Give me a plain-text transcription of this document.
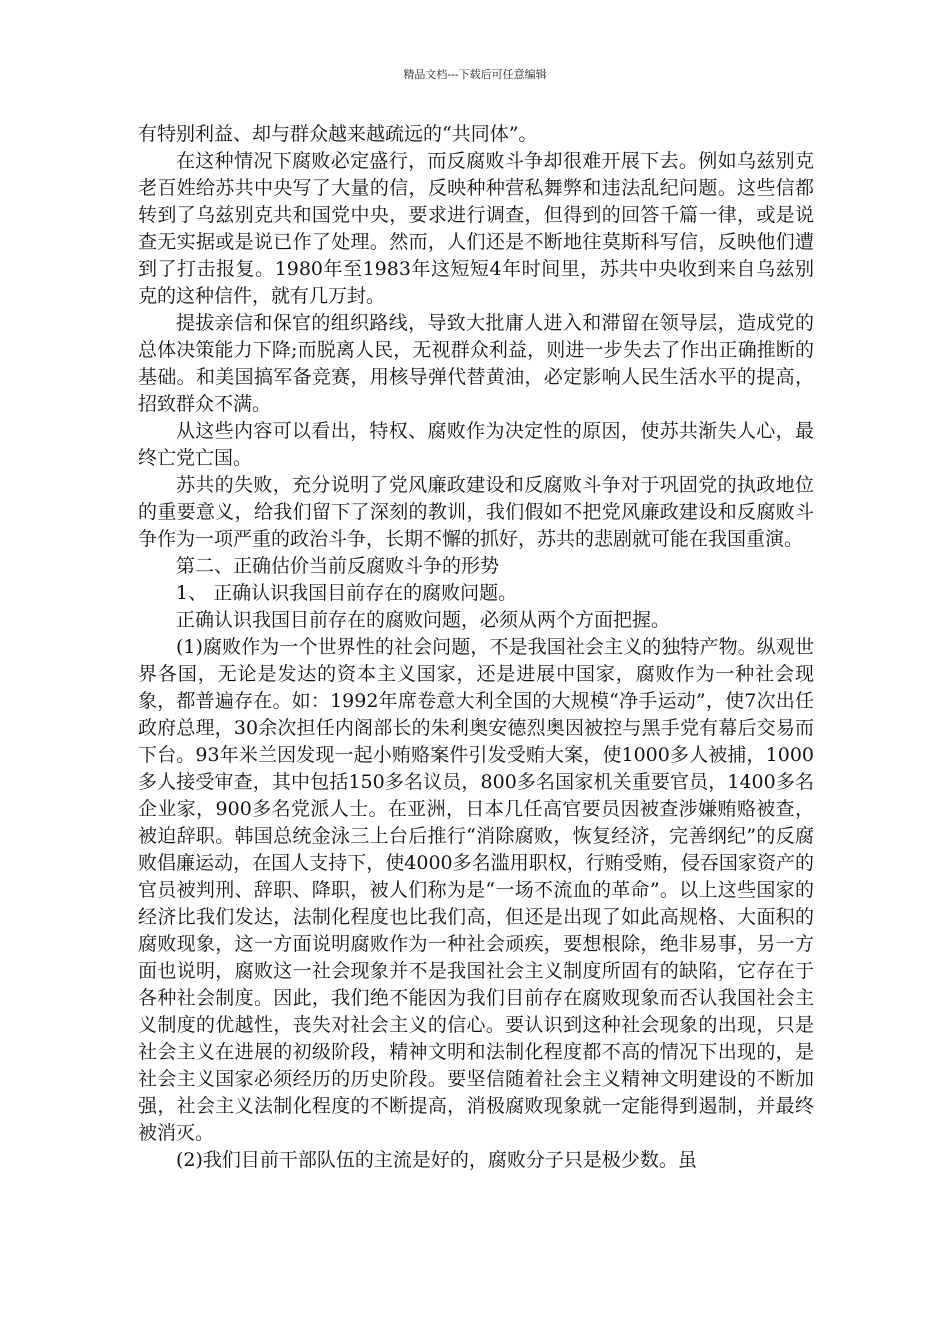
精品文档---下载后可任意编辑

有特别利益、却与群众越来越疏远的“共同体”。

在这种情况下腐败必定盛行，而反腐败斗争却很难开展下去。例如乌兹别克老百姓给苏共中央写了大量的信，反映种种营私舞弊和违法乱纪问题。这些信都转到了乌兹别克共和国党中央，要求进行调查，但得到的回答千篇一律，或是说查无实据或是说已作了处理。然而，人们还是不断地往莫斯科写信，反映他们遭到了打击报复。1980年至1983年这短短4年时间里，苏共中央收到来自乌兹别克的这种信件，就有几万封。

提拔亲信和保官的组织路线，导致大批庸人进入和滞留在领导层，造成党的总体决策能力下降;而脱离人民，无视群众利益，则进一步失去了作出正确推断的基础。和美国搞军备竞赛，用核导弹代替黄油，必定影响人民生活水平的提高，招致群众不满。

从这些内容可以看出，特权、腐败作为决定性的原因，使苏共渐失人心，最终亡党亡国。

苏共的失败，充分说明了党风廉政建设和反腐败斗争对于巩固党的执政地位的重要意义，给我们留下了深刻的教训，我们假如不把党风廉政建设和反腐败斗争作为一项严重的政治斗争，长期不懈的抓好，苏共的悲剧就可能在我国重演。

第二、正确估价当前反腐败斗争的形势

1、 正确认识我国目前存在的腐败问题。

正确认识我国目前存在的腐败问题，必须从两个方面把握。

(1)腐败作为一个世界性的社会问题，不是我国社会主义的独特产物。纵观世界各国，无论是发达的资本主义国家，还是进展中国家，腐败作为一种社会现象，都普遍存在。如：1992年席卷意大利全国的大规模“净手运动”，使7次出任政府总理，30余次担任内阁部长的朱利奥安德烈奥因被控与黑手党有幕后交易而下台。93年米兰因发现一起小贿赂案件引发受贿大案，使1000多人被捕，1000多人接受审查，其中包括150多名议员，800多名国家机关重要官员，1400多名企业家，900多名党派人士。在亚洲，日本几任高官要员因被查涉嫌贿赂被查，被迫辞职。韩国总统金泳三上台后推行“消除腐败，恢复经济，完善纲纪”的反腐败倡廉运动，在国人支持下，使4000多名滥用职权，行贿受贿，侵吞国家资产的官员被判刑、辞职、降职，被人们称为是“一场不流血的革命”。以上这些国家的经济比我们发达，法制化程度也比我们高，但还是出现了如此高规格、大面积的腐败现象，这一方面说明腐败作为一种社会顽疾，要想根除，绝非易事，另一方面也说明，腐败这一社会现象并不是我国社会主义制度所固有的缺陷，它存在于各种社会制度。因此，我们绝不能因为我们目前存在腐败现象而否认我国社会主义制度的优越性，丧失对社会主义的信心。要认识到这种社会现象的出现，只是社会主义在进展的初级阶段，精神文明和法制化程度都不高的情况下出现的，是社会主义国家必须经历的历史阶段。要坚信随着社会主义精神文明建设的不断加强，社会主义法制化程度的不断提高，消极腐败现象就一定能得到遏制，并最终被消灭。

(2)我们目前干部队伍的主流是好的，腐败分子只是极少数。虽
